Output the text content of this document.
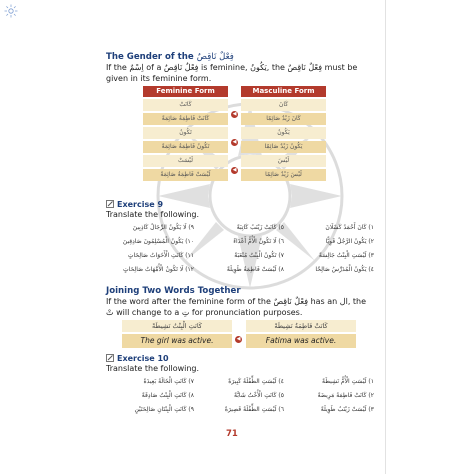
The Gender of the فِعْلٌ نَاقِصٌ
If the اِسْمٌ of a فِعْلٌ نَاقِصٌ is feminine, يَكُونُ, the فِعْلٌ نَاقِصٌ must be given in its feminine form.
Feminine Form
كَانَتْ
كَانَتْ فَاطِمَةُ صَائِمَةً
تَكُونُ
تَكُونُ فَاطِمَةُ صَائِمَةً
لَيْسَتْ
لَيْسَتْ فَاطِمَةُ صَائِمَةً
◀
◀
◀
Masculine Form
كَانَ
كَانَ زَيْدٌ صَائِمًا
يَكُونُ
يَكُونُ زَيْدٌ صَائِمًا
لَيْسَ
لَيْسَ زَيْدٌ صَائِمًا
Exercise 9
Translate the following.
١) كَانَ أَحْمَدُ كَسْلَانَ
٥) كَانَتْ زَيْنَبُ كَاتِبَةً
٩) لَا يَكُونُ الرِّجَالُ كَاذِبِينَ
٢) يَكُونُ الرَّجُلُ قَوِيًّا
٦) لَا تَكُونُ الْأُمُّ أَعْدَاءً
١٠) يَكُونُ الْمُسْلِمُونَ صَادِقِينَ
٣) لَيْسَتِ الْبِنْتُ جَالِسَةً
٧) تَكُونُ الْبِنْتُ مُتْعَبَةً
١١) كَانَتِ الْأَخَوَاتُ صَالِحَاتٍ
٤) يَكُونُ الْمُدَرِّسُ صَالِحًا
٨) لَيْسَتْ فَاطِمَةُ طَوِيلَةً
١٢) لَا تَكُونُ الْأُمَّهَاتُ صَالِحَاتٍ
Joining Two Words Together
If the word after the feminine form of the فِعْلٌ نَاقِصٌ has an ال, the تْ will change to a تِ for pronunciation purposes.
كَانَتِ الْبِنْتُ نَشِيطَةً
The girl was active.	◀
كَانَتْ فَاطِمَةُ نَشِيطَةً
Fatima was active.
Exercise 10
Translate the following.
١) لَيْسَتِ الْأُمُّ نَشِيطَةً
٤) لَيْسَتِ الطِّفْلَةُ كَبِيرَةً
٧) كَانَتِ الْخَالَةُ بَعِيدَةً
٢) كَانَتْ فَاطِمَةُ مَرِيضَةً
٥) كَانَتِ الْأُخْتُ شَابَّةً
٨) كَانَتِ الْبِنْتُ صَادِقَةً
٣) لَيْسَتْ زَيْنَبُ طَوِيلَةً
٦) لَيْسَتِ الطِّفْلَةُ قَصِيرَةً
٩) كَانَتِ الْبِنْتَانِ صَالِحَتَيْنِ
71
